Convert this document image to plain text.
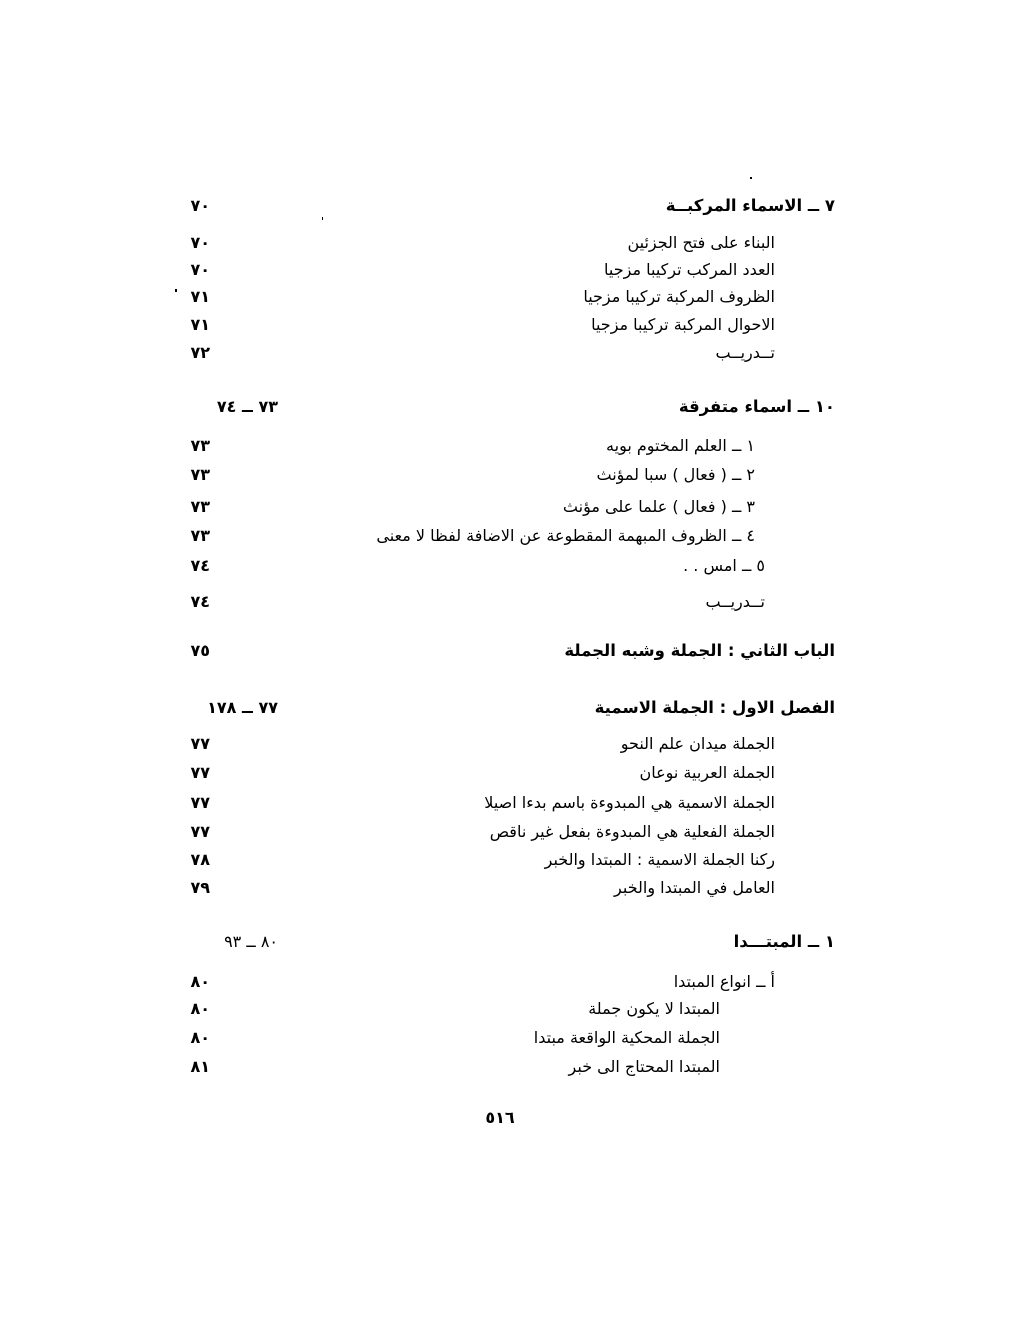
٧ ــ الاسماء المركبــة
٧٠
البناء على فتح الجزئين
٧٠
العدد المركب تركيبا مزجيا
٧٠
الظروف المركبة تركيبا مزجيا
٧١
الاحوال المركبة تركيبا مزجيا
٧١
تــدريــب
٧٢
١٠ ــ اسماء متفرقة
٧٣ ــ ٧٤
١ ــ العلم المختوم بويه
٧٣
٢ ــ ( فعال ) سبا لمؤنث
٧٣
٣ ــ ( فعال ) علما على مؤنث
٧٣
٤ ــ الظروف المبهمة المقطوعة عن الاضافة لفظا لا معنى
٧٣
٥ ــ امس . .
٧٤
تــدريــب
٧٤
الباب الثاني : الجملة وشبه الجملة
٧٥
الفصل الاول : الجملة الاسمية
٧٧ ــ ١٧٨
الجملة ميدان علم النحو
٧٧
الجملة العربية نوعان
٧٧
الجملة الاسمية هي المبدوءة باسم بدءا اصيلا
٧٧
الجملة الفعلية هي المبدوءة بفعل غير ناقص
٧٧
ركنا الجملة الاسمية : المبتدا والخبر
٧٨
العامل في المبتدا والخبر
٧٩
١ ــ المبتـــدا
٨٠ ــ ٩٣
أ ــ انواع المبتدا
٨٠
المبتدا لا يكون جملة
٨٠
الجملة المحكية الواقعة مبتدا
٨٠
المبتدا المحتاج الى خبر
٨١
٥١٦
